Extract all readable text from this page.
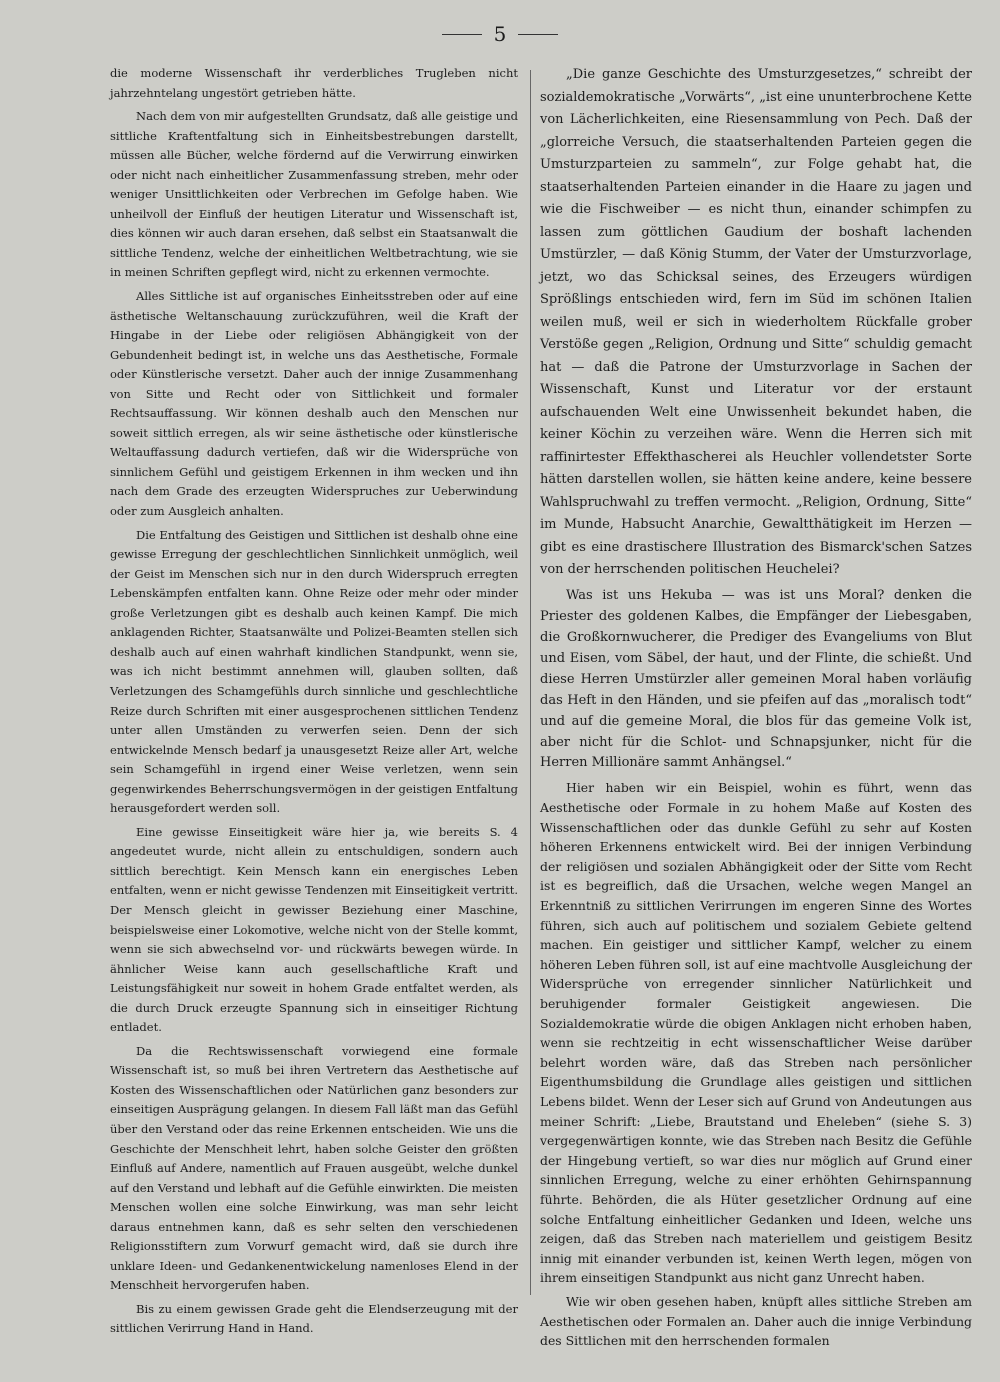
5

die moderne Wissenschaft ihr verderbliches Trugleben nicht jahrzehntelang ungestört getrieben hätte.

Nach dem von mir aufgestellten Grundsatz, daß alle geistige und sittliche Kraftentfaltung sich in Einheitsbestrebungen darstellt, müssen alle Bücher, welche fördernd auf die Verwirrung einwirken oder nicht nach einheitlicher Zusammenfassung streben, mehr oder weniger Unsittlichkeiten oder Verbrechen im Gefolge haben. Wie unheilvoll der Einfluß der heutigen Literatur und Wissenschaft ist, dies können wir auch daran ersehen, daß selbst ein Staatsanwalt die sittliche Tendenz, welche der einheitlichen Weltbetrachtung, wie sie in meinen Schriften gepflegt wird, nicht zu erkennen vermochte.

Alles Sittliche ist auf organisches Einheitsstreben oder auf eine ästhetische Weltanschauung zurückzuführen, weil die Kraft der Hingabe in der Liebe oder religiösen Abhängigkeit von der Gebundenheit bedingt ist, in welche uns das Aesthetische, Formale oder Künstlerische versetzt. Daher auch der innige Zusammenhang von Sitte und Recht oder von Sittlichkeit und formaler Rechtsauffassung. Wir können deshalb auch den Menschen nur soweit sittlich erregen, als wir seine ästhetische oder künstlerische Weltauffassung dadurch vertiefen, daß wir die Widersprüche von sinnlichem Gefühl und geistigem Erkennen in ihm wecken und ihn nach dem Grade des erzeugten Widerspruches zur Ueberwindung oder zum Ausgleich anhalten.

Die Entfaltung des Geistigen und Sittlichen ist deshalb ohne eine gewisse Erregung der geschlechtlichen Sinnlichkeit unmöglich, weil der Geist im Menschen sich nur in den durch Widerspruch erregten Lebenskämpfen entfalten kann. Ohne Reize oder mehr oder minder große Verletzungen gibt es deshalb auch keinen Kampf. Die mich anklagenden Richter, Staatsanwälte und Polizei-Beamten stellen sich deshalb auch auf einen wahrhaft kindlichen Standpunkt, wenn sie, was ich nicht bestimmt annehmen will, glauben sollten, daß Verletzungen des Schamgefühls durch sinnliche und geschlechtliche Reize durch Schriften mit einer ausgesprochenen sittlichen Tendenz unter allen Umständen zu verwerfen seien. Denn der sich entwickelnde Mensch bedarf ja unausgesetzt Reize aller Art, welche sein Schamgefühl in irgend einer Weise verletzen, wenn sein gegenwirkendes Beherrschungsvermögen in der geistigen Entfaltung herausgefordert werden soll.

Eine gewisse Einseitigkeit wäre hier ja, wie bereits S. 4 angedeutet wurde, nicht allein zu entschuldigen, sondern auch sittlich berechtigt. Kein Mensch kann ein energisches Leben entfalten, wenn er nicht gewisse Tendenzen mit Einseitigkeit vertritt. Der Mensch gleicht in gewisser Beziehung einer Maschine, beispielsweise einer Lokomotive, welche nicht von der Stelle kommt, wenn sie sich abwechselnd vor- und rückwärts bewegen würde. In ähnlicher Weise kann auch gesellschaftliche Kraft und Leistungsfähigkeit nur soweit in hohem Grade entfaltet werden, als die durch Druck erzeugte Spannung sich in einseitiger Richtung entladet.

Da die Rechtswissenschaft vorwiegend eine formale Wissenschaft ist, so muß bei ihren Vertretern das Aesthetische auf Kosten des Wissenschaftlichen oder Natürlichen ganz besonders zur einseitigen Ausprägung gelangen. In diesem Fall läßt man das Gefühl über den Verstand oder das reine Erkennen entscheiden. Wie uns die Geschichte der Menschheit lehrt, haben solche Geister den größten Einfluß auf Andere, namentlich auf Frauen ausgeübt, welche dunkel auf den Verstand und lebhaft auf die Gefühle einwirkten. Die meisten Menschen wollen eine solche Einwirkung, was man sehr leicht daraus entnehmen kann, daß es sehr selten den verschiedenen Religionsstiftern zum Vorwurf gemacht wird, daß sie durch ihre unklare Ideen- und Gedankenentwickelung namenloses Elend in der Menschheit hervorgerufen haben.

Bis zu einem gewissen Grade geht die Elendserzeugung mit der sittlichen Verirrung Hand in Hand.

„Die ganze Geschichte des Umsturzgesetzes,“ schreibt der sozialdemokratische „Vorwärts“, „ist eine ununterbrochene Kette von Lächerlichkeiten, eine Riesensammlung von Pech. Daß der „glorreiche Versuch, die staatserhaltenden Parteien gegen die Umsturzparteien zu sammeln“, zur Folge gehabt hat, die staatserhaltenden Parteien einander in die Haare zu jagen und wie die Fischweiber — es nicht thun, einander schimpfen zu lassen zum göttlichen Gaudium der boshaft lachenden Umstürzler, — daß König Stumm, der Vater der Umsturzvorlage, jetzt, wo das Schicksal seines, des Erzeugers würdigen Sprößlings entschieden wird, fern im Süd im schönen Italien weilen muß, weil er sich in wiederholtem Rückfalle grober Verstöße gegen „Religion, Ordnung und Sitte“ schuldig gemacht hat — daß die Patrone der Umsturzvorlage in Sachen der Wissenschaft, Kunst und Literatur vor der erstaunt aufschauenden Welt eine Unwissenheit bekundet haben, die keiner Köchin zu verzeihen wäre. Wenn die Herren sich mit raffinirtester Effekthascherei als Heuchler vollendetster Sorte hätten darstellen wollen, sie hätten keine andere, keine bessere Wahlspruchwahl zu treffen vermocht. „Religion, Ordnung, Sitte“ im Munde, Habsucht Anarchie, Gewaltthätigkeit im Herzen — gibt es eine drastischere Illustration des Bismarck'schen Satzes von der herrschenden politischen Heuchelei?

Was ist uns Hekuba — was ist uns Moral? denken die Priester des goldenen Kalbes, die Empfänger der Liebesgaben, die Großkornwucherer, die Prediger des Evangeliums von Blut und Eisen, vom Säbel, der haut, und der Flinte, die schießt. Und diese Herren Umstürzler aller gemeinen Moral haben vorläufig das Heft in den Händen, und sie pfeifen auf das „moralisch todt“ und auf die gemeine Moral, die blos für das gemeine Volk ist, aber nicht für die Schlot- und Schnapsjunker, nicht für die Herren Millionäre sammt Anhängsel.“

Hier haben wir ein Beispiel, wohin es führt, wenn das Aesthetische oder Formale in zu hohem Maße auf Kosten des Wissenschaftlichen oder das dunkle Gefühl zu sehr auf Kosten höheren Erkennens entwickelt wird. Bei der innigen Verbindung der religiösen und sozialen Abhängigkeit oder der Sitte vom Recht ist es begreiflich, daß die Ursachen, welche wegen Mangel an Erkenntniß zu sittlichen Verirrungen im engeren Sinne des Wortes führen, sich auch auf politischem und sozialem Gebiete geltend machen. Ein geistiger und sittlicher Kampf, welcher zu einem höheren Leben führen soll, ist auf eine machtvolle Ausgleichung der Widersprüche von erregender sinnlicher Natürlichkeit und beruhigender formaler Geistigkeit angewiesen. Die Sozialdemokratie würde die obigen Anklagen nicht erhoben haben, wenn sie rechtzeitig in echt wissenschaftlicher Weise darüber belehrt worden wäre, daß das Streben nach persönlicher Eigenthumsbildung die Grundlage alles geistigen und sittlichen Lebens bildet. Wenn der Leser sich auf Grund von Andeutungen aus meiner Schrift: „Liebe, Brautstand und Eheleben“ (siehe S. 3) vergegenwärtigen konnte, wie das Streben nach Besitz die Gefühle der Hingebung vertieft, so war dies nur möglich auf Grund einer sinnlichen Erregung, welche zu einer erhöhten Gehirnspannung führte. Behörden, die als Hüter gesetzlicher Ordnung auf eine solche Entfaltung einheitlicher Gedanken und Ideen, welche uns zeigen, daß das Streben nach materiellem und geistigem Besitz innig mit einander verbunden ist, keinen Werth legen, mögen von ihrem einseitigen Standpunkt aus nicht ganz Unrecht haben.

Wie wir oben gesehen haben, knüpft alles sittliche Streben am Aesthetischen oder Formalen an. Daher auch die innige Verbindung des Sittlichen mit den herrschenden formalen
